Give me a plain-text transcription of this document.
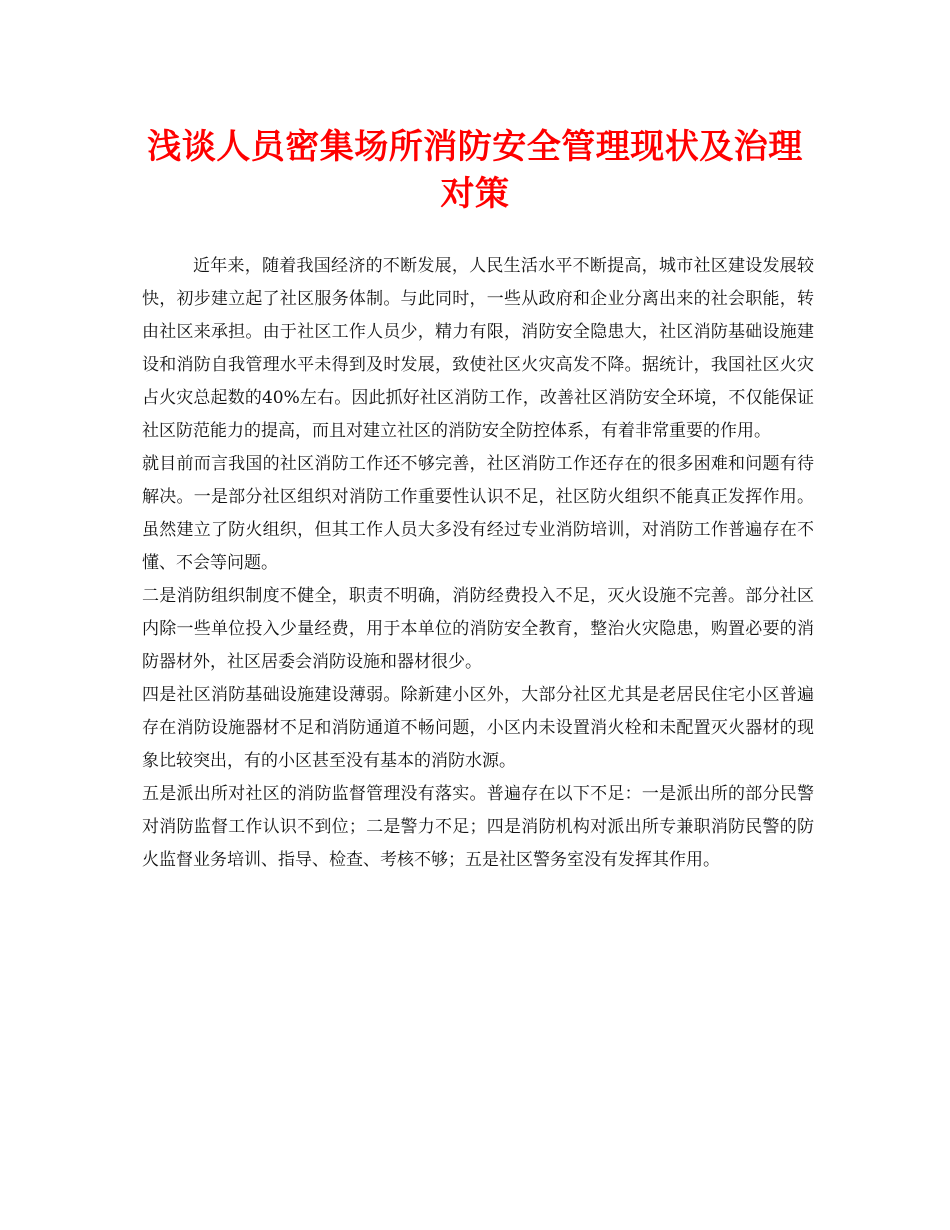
浅谈人员密集场所消防安全管理现状及治理对策

近年来，随着我国经济的不断发展，人民生活水平不断提高，城市社区建设发展较快，初步建立起了社区服务体制。与此同时，一些从政府和企业分离出来的社会职能，转由社区来承担。由于社区工作人员少，精力有限，消防安全隐患大，社区消防基础设施建设和消防自我管理水平未得到及时发展，致使社区火灾高发不降。据统计，我国社区火灾占火灾总起数的40%左右。因此抓好社区消防工作，改善社区消防安全环境，不仅能保证社区防范能力的提高，而且对建立社区的消防安全防控体系，有着非常重要的作用。

就目前而言我国的社区消防工作还不够完善，社区消防工作还存在的很多困难和问题有待解决。一是部分社区组织对消防工作重要性认识不足，社区防火组织不能真正发挥作用。虽然建立了防火组织，但其工作人员大多没有经过专业消防培训，对消防工作普遍存在不懂、不会等问题。

二是消防组织制度不健全，职责不明确，消防经费投入不足，灭火设施不完善。部分社区内除一些单位投入少量经费，用于本单位的消防安全教育，整治火灾隐患，购置必要的消防器材外，社区居委会消防设施和器材很少。

四是社区消防基础设施建设薄弱。除新建小区外，大部分社区尤其是老居民住宅小区普遍存在消防设施器材不足和消防通道不畅问题，小区内未设置消火栓和未配置灭火器材的现象比较突出，有的小区甚至没有基本的消防水源。

五是派出所对社区的消防监督管理没有落实。普遍存在以下不足：一是派出所的部分民警对消防监督工作认识不到位；二是警力不足；四是消防机构对派出所专兼职消防民警的防火监督业务培训、指导、检查、考核不够；五是社区警务室没有发挥其作用。
